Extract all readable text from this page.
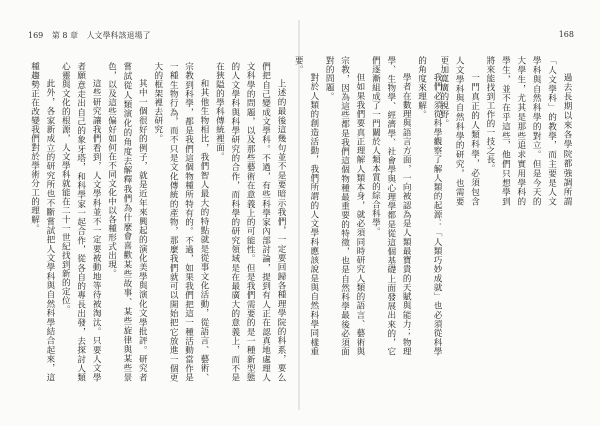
169 第 8 章 人文學科該退場了

上述的最後這幾句並不是要暗示我們，一定要回歸各種理學院的科系，要么們把自己變成文學科。不過，有些科學家內部討論，提到有人正在認真地處理人文科學的問題，以及那些藝術在意義上的可能性。但是我們需要的是一種新型態的人文學科與科學研究的合作，而科學的研究領域是在最廣大的意義上，而不是在狹隘的學科傳統裡面。

和其他生物相比，我們智人最大的特點就是從事文化活動，從語言、藝術、宗教到科學，都是我們這個物種所特有的。不過，如果我們把這一種活動當作是一種生物行為，而不只是文化傳統的產物，那麼我們就可以開始把它放進一個更大的框架裡去研究。

其中一個很好的例子，就是近年來興起的演化美學與演化文學批評。研究者嘗試從人類演化的角度去解釋我們為什麼會喜歡某些故事、某些旋律與某些景色，以及這些偏好如何在不同文化中以各種形式出現。

這些研究讓我們看到，人文學科並不一定要被動地等待被淘汰。只要人文學者願意走出自己的象牙塔，和科學家一起合作，從各自的專長出發，去探討人類心靈與文化的根源，人文學科就能在二十一世紀找到新的定位。

此外，各家新成立的研究所也不斷嘗試把人文學科與自然科學結合起來，這種趨勢正在改變我們對於學術分工的理解。

168

過去長期以來各學院都強調所謂「人文學科」的教學，而主要是人文學科與自然科學的對立。但是今天的大學生，尤其是那些追求實用學科的學生，並不在乎這些，他們只想學到將來能找到工作的一技之長。

一門真正的人類科學，必須包含人文學科與自然科學的研究，也需要更加寬廣的視野。

我們必須從科學觀察了解人類的起源：「人類巧妙成就」也必須從科學的角度來理解。

學者在數理與語言方面，一向被認為是人類最寶貴的天賦與能力；物理學、生物學、經濟學、社會學與心理學都是從這個基礎上面發展出來的，它們逐漸組成了一門關於人類本質的綜合科學。

但如果我們要真正理解人類本身，就必須同時研究人類的語言、藝術與宗教，因為這些都是我們這個物種最重要的特徵，也是自然科學最後必須面對的問題。

對於人類的創造活動，我們所謂的人文學科應該說是與自然科學同樣重要。
